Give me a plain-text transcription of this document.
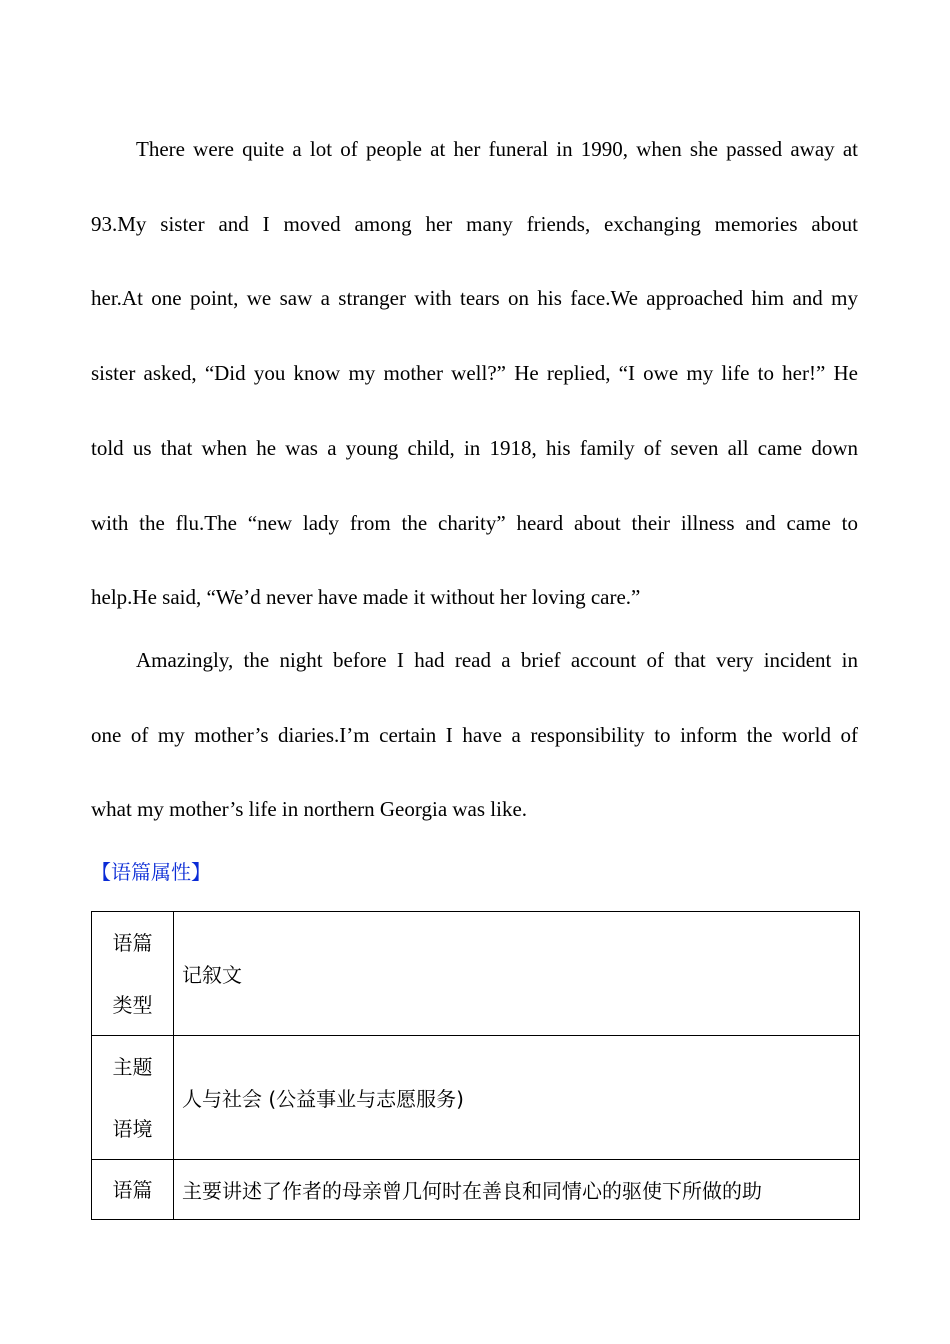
There were quite a lot of people at her funeral in 1990, when she passed away at
93.My sister and I moved among her many friends, exchanging memories about
her.At one point, we saw a stranger with tears on his face.We approached him and my
sister asked, “Did you know my mother well?” He replied, “I owe my life to her!” He
told us that when he was a young child, in 1918, his family of seven all came down
with the flu.The “new lady from the charity” heard about their illness and came to
help.He said, “We’d never have made it without her loving care.”
Amazingly, the night before I had read a brief account of that very incident in
one of my mother’s diaries.I’m certain I have a responsibility to inform the world of
what my mother’s life in northern Georgia was like.
【语篇属性】
语篇
类型	记叙文

主题
语境	人与社会 (公益事业与志愿服务)

语篇	主要讲述了作者的母亲曾几何时在善良和同情心的驱使下所做的助
